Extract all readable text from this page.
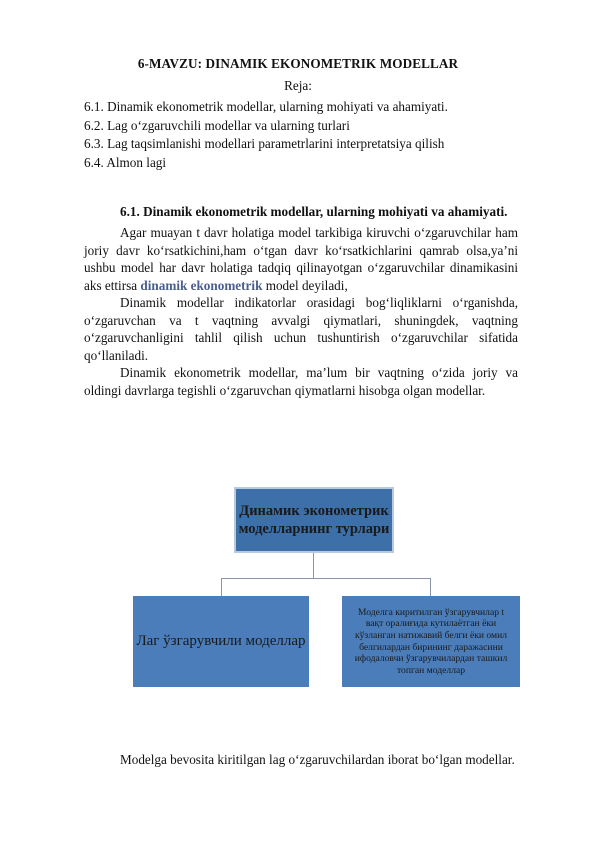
6-MAVZU: DINAMIK EKONOMETRIK MODELLAR
Reja:
6.1. Dinamik ekonometrik modellar, ularning mohiyati va ahamiyati.
6.2. Lag o‘zgaruvchili modellar va ularning turlari
6.3. Lag taqsimlanishi modellari parametrlarini interpretatsiya qilish
6.4. Almon lagi
6.1. Dinamik ekonometrik modellar, ularning mohiyati va ahamiyati.
Agar muayan t davr holatiga model tarkibiga kiruvchi o‘zgaruvchilar ham joriy davr ko‘rsatkichini,ham o‘tgan davr ko‘rsatkichlarini qamrab olsa,ya’ni ushbu model har davr holatiga tadqiq qilinayotgan o‘zgaruvchilar dinamikasini aks ettirsa dinamik ekonometrik model deyiladi,
Dinamik modellar indikatorlar orasidagi bog‘liqliklarni o‘rganishda, o‘zgaruvchan va t vaqtning avvalgi qiymatlari, shuningdek, vaqtning o‘zgaruvchanligini tahlil qilish uchun tushuntirish o‘zgaruvchilar sifatida qo‘llaniladi.
Dinamik ekonometrik modellar, ma’lum bir vaqtning o‘zida joriy va oldingi davrlarga tegishli o‘zgaruvchan qiymatlarni hisobga olgan modellar.
Динамик эконометрик моделларнинг турлари
Лаг ўзгарувчили моделлар
Моделга киритилган ўзгарувчилар t вақт оралиғида кутилаётган ёки кўзланган натижавий белги ёки омил белгилардан бирининг даражасини ифодаловчи ўзгарувчилардан ташкил топган моделлар
Modelga bevosita kiritilgan lag o‘zgaruvchilardan iborat bo‘lgan modellar.
